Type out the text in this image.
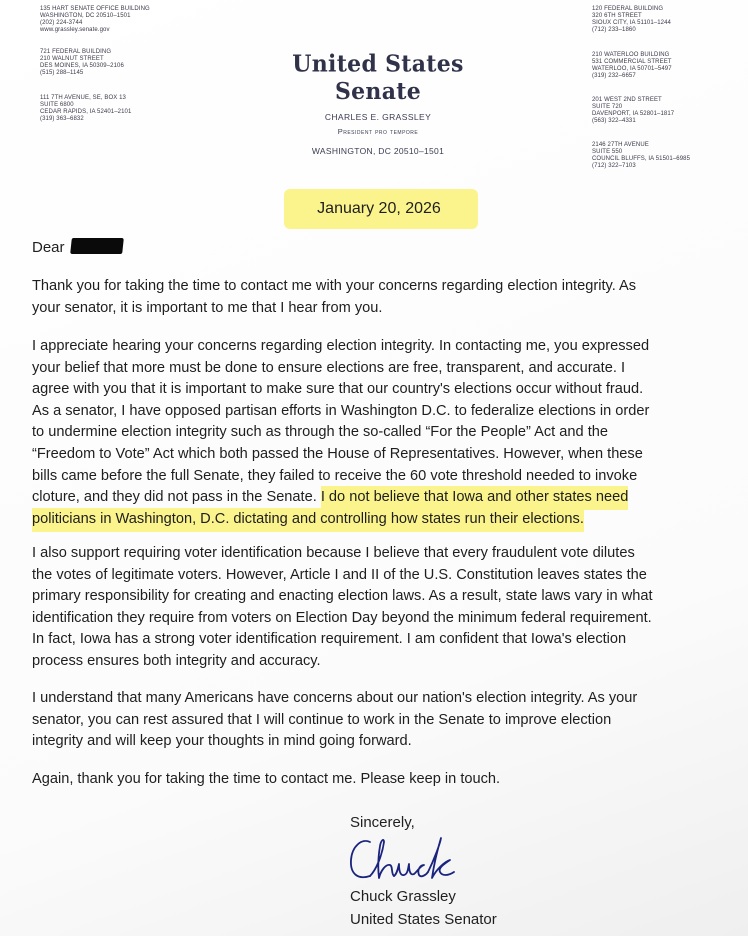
135 HART SENATE OFFICE BUILDING
WASHINGTON, DC 20510–1501
(202) 224-3744
www.grassley.senate.gov
721 FEDERAL BUILDING
210 WALNUT STREET
DES MOINES, IA 50309–2106
(515) 288–1145
111 7TH AVENUE, SE, BOX 13
SUITE 6800
CEDAR RAPIDS, IA 52401–2101
(319) 363–6832
United States Senate
CHARLES E. GRASSLEY
President pro tempore
WASHINGTON, DC 20510–1501
120 FEDERAL BUILDING
320 6TH STREET
SIOUX CITY, IA 51101–1244
(712) 233–1860
210 WATERLOO BUILDING
531 COMMERCIAL STREET
WATERLOO, IA 50701–5497
(319) 232–6657
201 WEST 2ND STREET
SUITE 720
DAVENPORT, IA 52801–1817
(563) 322–4331
2146 27TH AVENUE
SUITE 550
COUNCIL BLUFFS, IA 51501–6985
(712) 322–7103
January 20, 2026
Dear
Thank you for taking the time to contact me with your concerns regarding election integrity. As
your senator, it is important to me that I hear from you.
I appreciate hearing your concerns regarding election integrity. In contacting me, you expressed
your belief that more must be done to ensure elections are free, transparent, and accurate. I
agree with you that it is important to make sure that our country's elections occur without fraud.
As a senator, I have opposed partisan efforts in Washington D.C. to federalize elections in order
to undermine election integrity such as through the so-called “For the People” Act and the
“Freedom to Vote” Act which both passed the House of Representatives. However, when these
bills came before the full Senate, they failed to receive the 60 vote threshold needed to invoke
cloture, and they did not pass in the Senate. I do not believe that Iowa and other states need
politicians in Washington, D.C. dictating and controlling how states run their elections.
I also support requiring voter identification because I believe that every fraudulent vote dilutes
the votes of legitimate voters. However, Article I and II of the U.S. Constitution leaves states the
primary responsibility for creating and enacting election laws. As a result, state laws vary in what
identification they require from voters on Election Day beyond the minimum federal requirement.
In fact, Iowa has a strong voter identification requirement. I am confident that Iowa's election
process ensures both integrity and accuracy.
I understand that many Americans have concerns about our nation's election integrity. As your
senator, you can rest assured that I will continue to work in the Senate to improve election
integrity and will keep your thoughts in mind going forward.
Again, thank you for taking the time to contact me. Please keep in touch.
Sincerely,
Chuck Grassley
United States Senator
